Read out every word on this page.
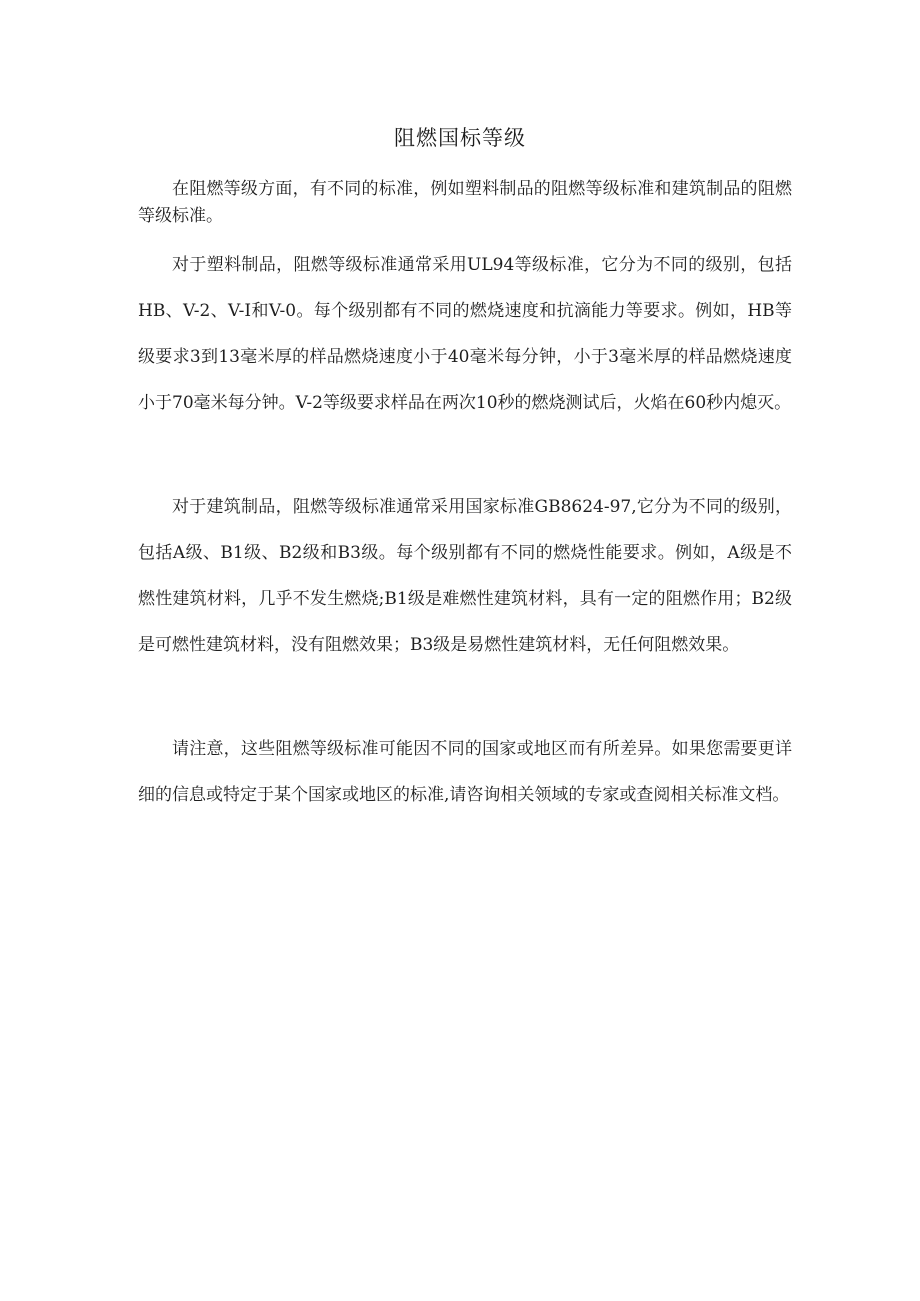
阻燃国标等级

在阻燃等级方面，有不同的标准，例如塑料制品的阻燃等级标准和建筑制品的阻燃等级标准。

对于塑料制品，阻燃等级标准通常采用UL94等级标准，它分为不同的级别，包括HB、V-2、V-I和V-0。每个级别都有不同的燃烧速度和抗滴能力等要求。例如，HB等级要求3到13毫米厚的样品燃烧速度小于40毫米每分钟，小于3毫米厚的样品燃烧速度小于70毫米每分钟。V-2等级要求样品在两次10秒的燃烧测试后，火焰在60秒内熄灭。

对于建筑制品，阻燃等级标准通常采用国家标准GB8624-97,它分为不同的级别，包括A级、B1级、B2级和B3级。每个级别都有不同的燃烧性能要求。例如，A级是不燃性建筑材料，几乎不发生燃烧;B1级是难燃性建筑材料，具有一定的阻燃作用；B2级是可燃性建筑材料，没有阻燃效果；B3级是易燃性建筑材料，无任何阻燃效果。

请注意，这些阻燃等级标准可能因不同的国家或地区而有所差异。如果您需要更详细的信息或特定于某个国家或地区的标准,请咨询相关领域的专家或查阅相关标准文档。
